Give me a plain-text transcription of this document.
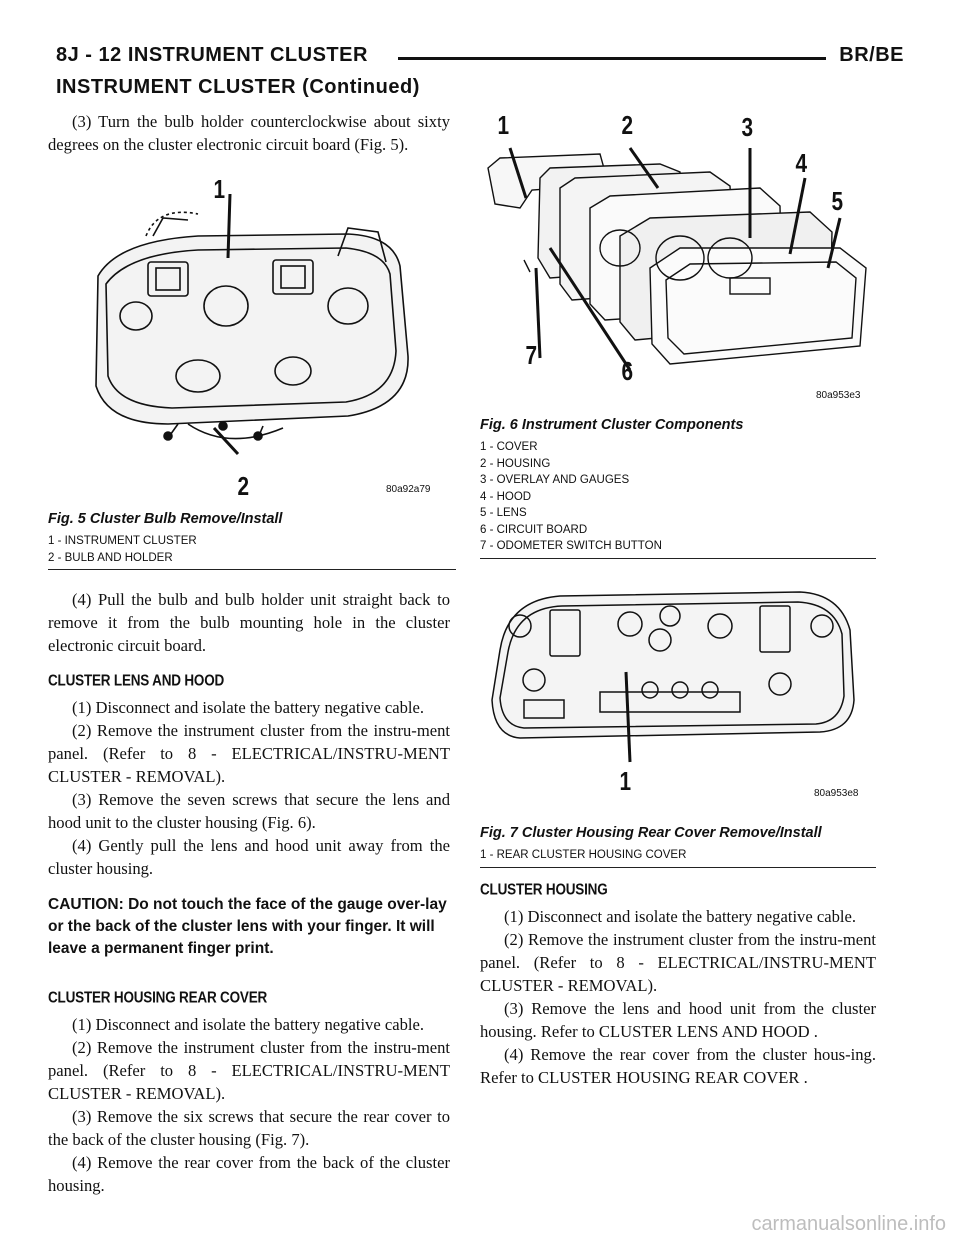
8J - 12 INSTRUMENT CLUSTER	BR/BE
INSTRUMENT CLUSTER (Continued)

(3) Turn the bulb holder counterclockwise about sixty degrees on the cluster electronic circuit board (Fig. 5).

1
2	80a92a79
Fig. 5 Cluster Bulb Remove/Install
1 - INSTRUMENT CLUSTER
2 - BULB AND HOLDER

(4) Pull the bulb and bulb holder unit straight back to remove it from the bulb mounting hole in the cluster electronic circuit board.

CLUSTER LENS AND HOOD

(1) Disconnect and isolate the battery negative cable.

(2) Remove the instrument cluster from the instru-ment panel. (Refer to 8 - ELECTRICAL/INSTRU-MENT CLUSTER - REMOVAL).

(3) Remove the seven screws that secure the lens and hood unit to the cluster housing (Fig. 6).

(4) Gently pull the lens and hood unit away from the cluster housing.

CAUTION: Do not touch the face of the gauge over-lay or the back of the cluster lens with your finger. It will leave a permanent finger print.
CLUSTER HOUSING REAR COVER

(1) Disconnect and isolate the battery negative cable.

(2) Remove the instrument cluster from the instru-ment panel. (Refer to 8 - ELECTRICAL/INSTRU-MENT CLUSTER - REMOVAL).

(3) Remove the six screws that secure the rear cover to the back of the cluster housing (Fig. 7).

(4) Remove the rear cover from the back of the cluster housing.

1	2	3
4
5
7
6
80a953e3
Fig. 6 Instrument Cluster Components
1 - COVER
2 - HOUSING
3 - OVERLAY AND GAUGES
4 - HOOD
5 - LENS
6 - CIRCUIT BOARD
7 - ODOMETER SWITCH BUTTON
1	80a953e8
Fig. 7 Cluster Housing Rear Cover Remove/Install
1 - REAR CLUSTER HOUSING COVER
CLUSTER HOUSING

(1) Disconnect and isolate the battery negative cable.

(2) Remove the instrument cluster from the instru-ment panel. (Refer to 8 - ELECTRICAL/INSTRU-MENT CLUSTER - REMOVAL).

(3) Remove the lens and hood unit from the cluster housing. Refer to CLUSTER LENS AND HOOD .

(4) Remove the rear cover from the cluster hous-ing. Refer to CLUSTER HOUSING REAR COVER .

carmanualsonline.info
